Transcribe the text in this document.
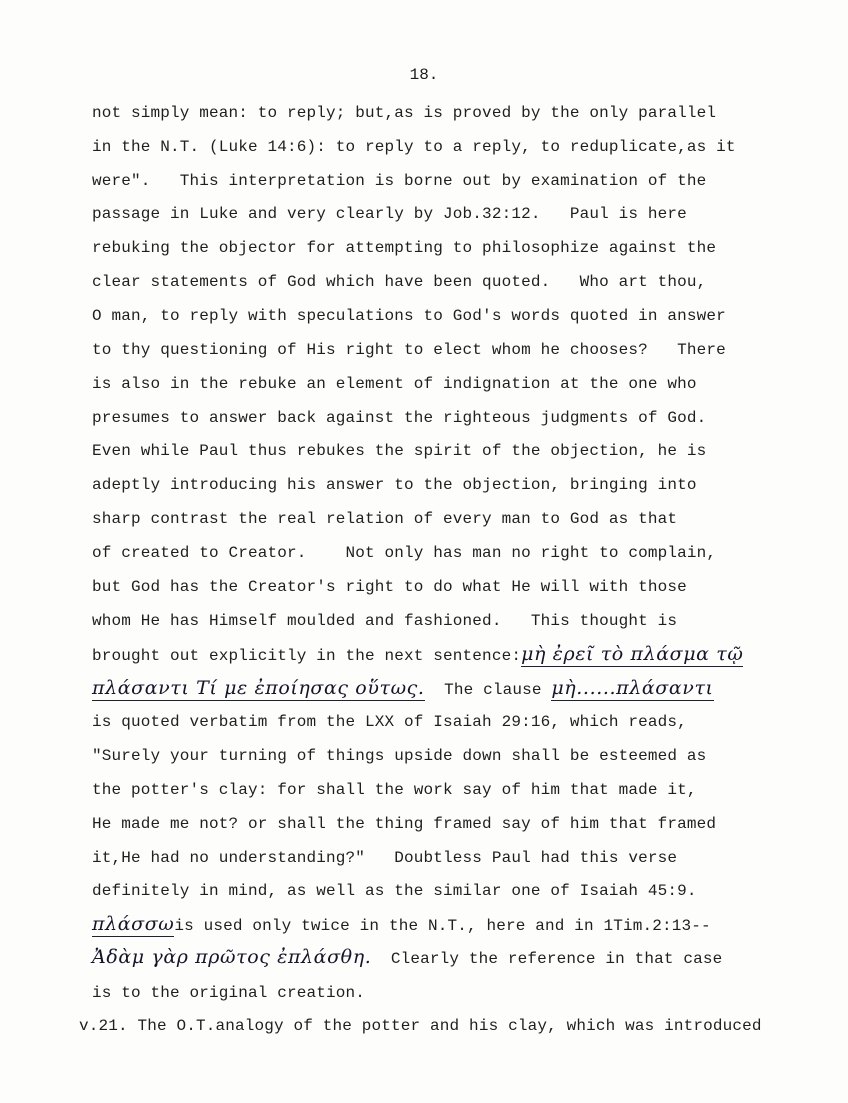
18.
not simply mean: to reply; but,as is proved by the only parallel
in the N.T. (Luke 14:6): to reply to a reply, to reduplicate,as it
were".   This interpretation is borne out by examination of the
passage in Luke and very clearly by Job.32:12.   Paul is here
rebuking the objector for attempting to philosophize against the
clear statements of God which have been quoted.   Who art thou,
O man, to reply with speculations to God's words quoted in answer
to thy questioning of His right to elect whom he chooses?   There
is also in the rebuke an element of indignation at the one who
presumes to answer back against the righteous judgments of God.
Even while Paul thus rebukes the spirit of the objection, he is
adeptly introducing his answer to the objection, bringing into
sharp contrast the real relation of every man to God as that
of created to Creator.    Not only has man no right to complain,
but God has the Creator's right to do what He will with those
whom He has Himself moulded and fashioned.   This thought is
brought out explicitly in the next sentence:μὴ ἐρεῖ τὸ πλάσμα τῷ
πλάσαντι Τί με ἐποίησας οὕτως.  The clause μὴ......πλάσαντι
is quoted verbatim from the LXX of Isaiah 29:16, which reads,
"Surely your turning of things upside down shall be esteemed as
the potter's clay: for shall the work say of him that made it,
He made me not? or shall the thing framed say of him that framed
it,He had no understanding?"   Doubtless Paul had this verse
definitely in mind, as well as the similar one of Isaiah 45:9.
πλάσσωis used only twice in the N.T., here and in 1Tim.2:13--
Ἀδὰμ γὰρ πρῶτος ἐπλάσθη.  Clearly the reference in that case
is to the original creation.
v.21. The O.T.analogy of the potter and his clay, which was introduced
